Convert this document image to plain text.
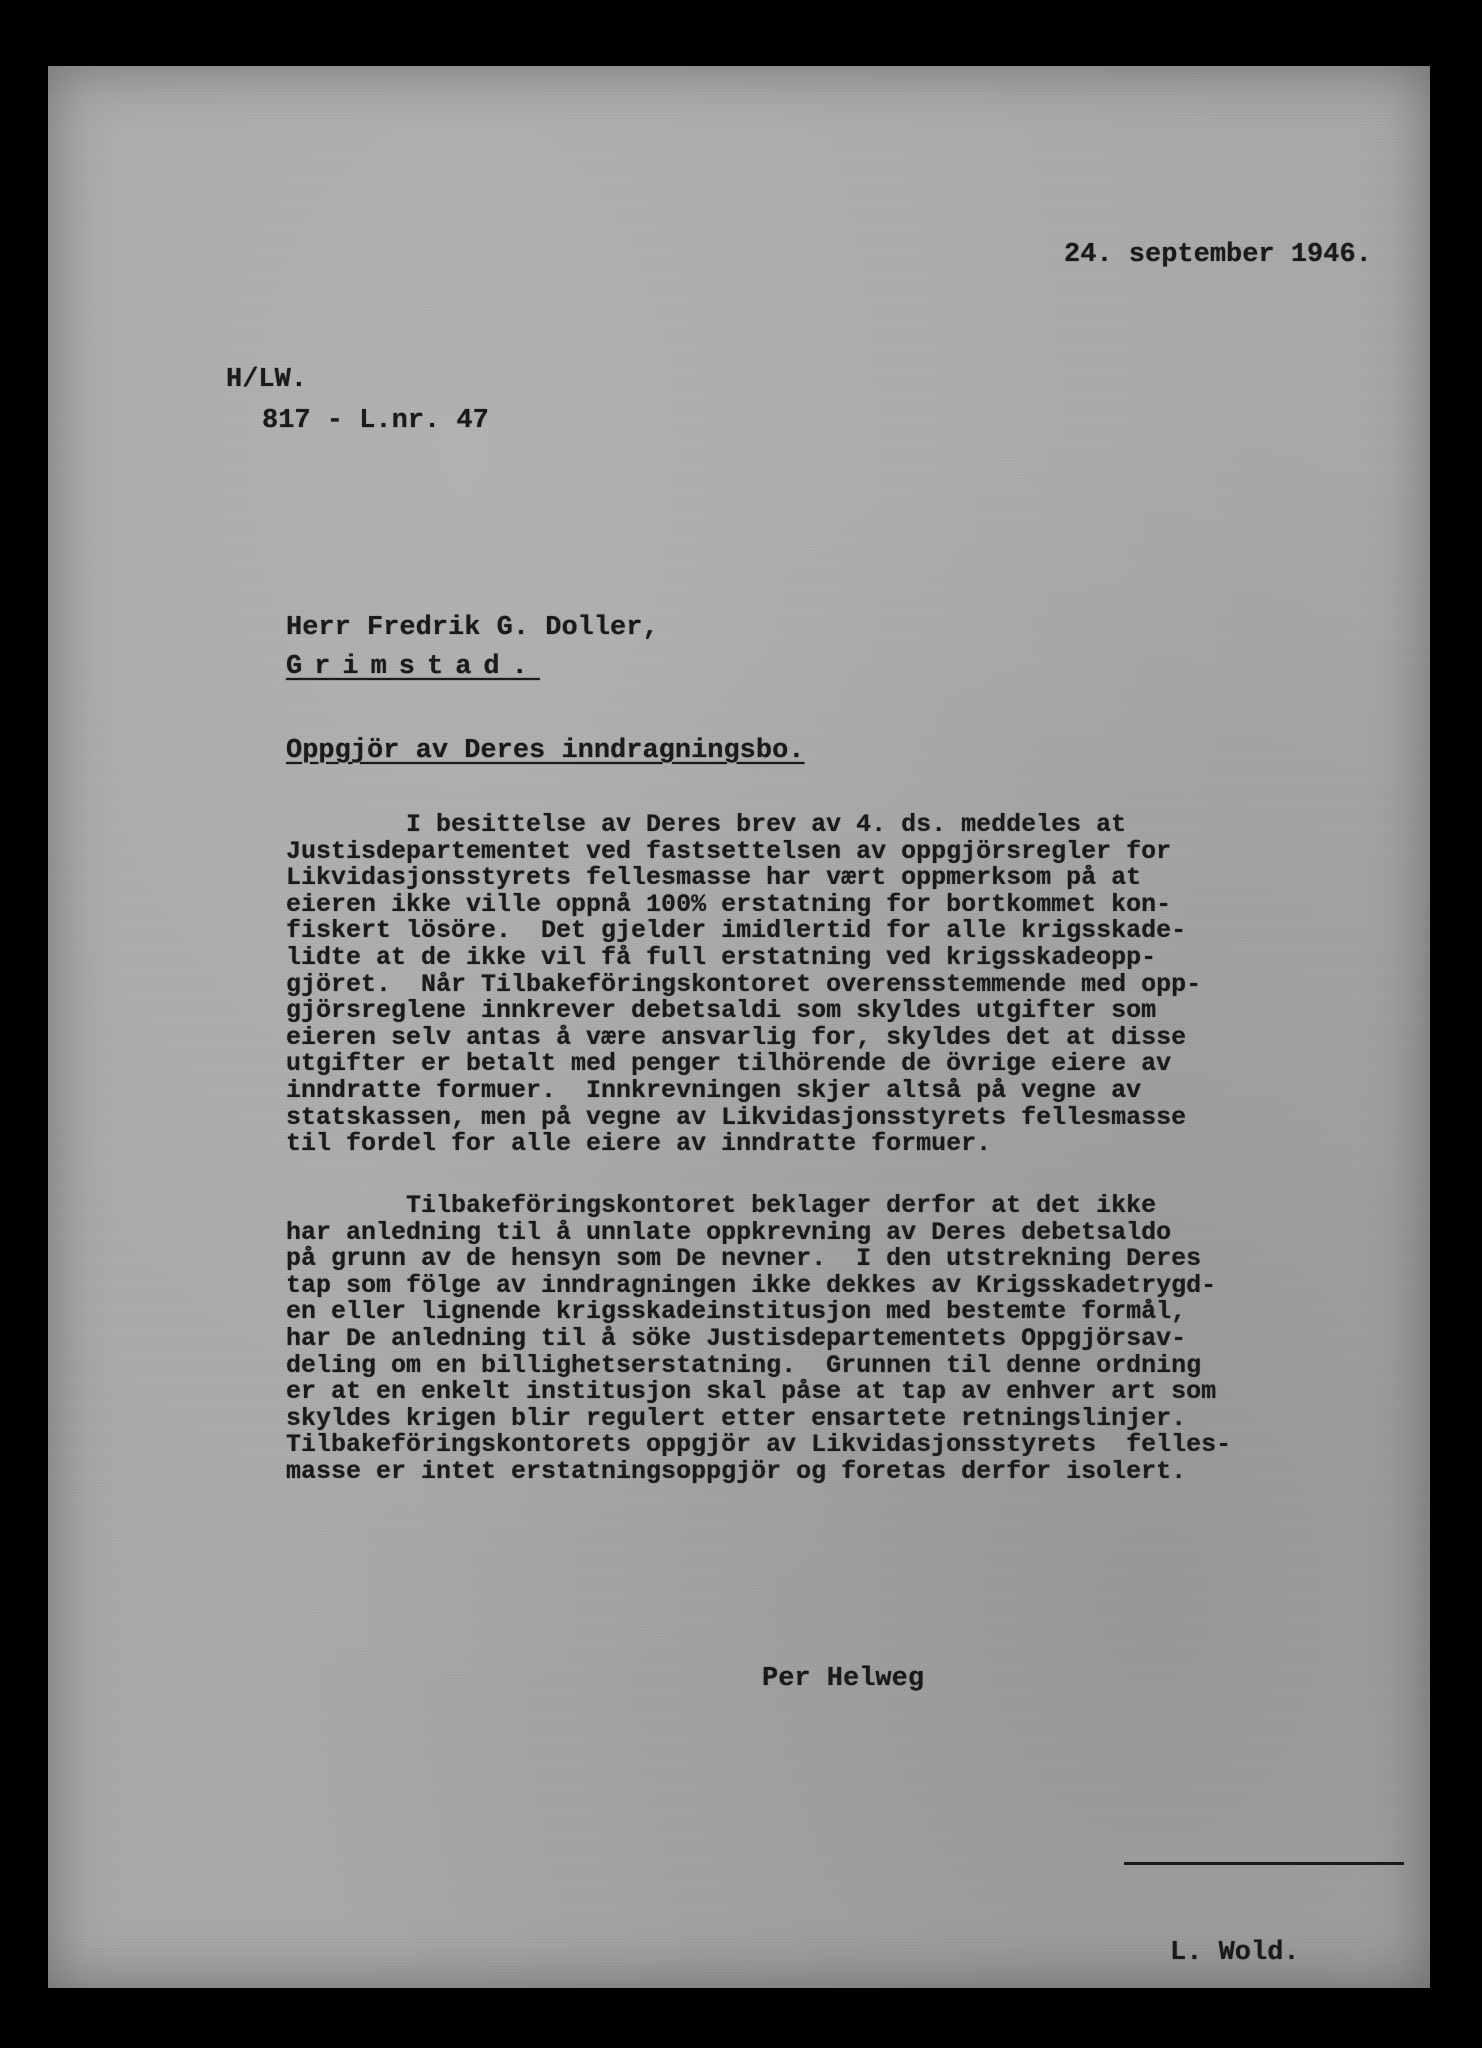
24. september 1946.

H/LW.

817 - L.nr. 47

Herr Fredrik G. Doller,

Grimstad.

Oppgjör av Deres inndragningsbo.

I besittelse av Deres brev av 4. ds. meddeles at
Justisdepartementet ved fastsettelsen av oppgjörsregler for
Likvidasjonsstyrets fellesmasse har vært oppmerksom på at
eieren ikke ville oppnå 100% erstatning for bortkommet kon-
fiskert lösöre.  Det gjelder imidlertid for alle krigsskade-
lidte at de ikke vil få full erstatning ved krigsskadeopp-
gjöret.  Når Tilbakeföringskontoret overensstemmende med opp-
gjörsreglene innkrever debetsaldi som skyldes utgifter som
eieren selv antas å være ansvarlig for, skyldes det at disse
utgifter er betalt med penger tilhörende de övrige eiere av
inndratte formuer.  Innkrevningen skjer altså på vegne av
statskassen, men på vegne av Likvidasjonsstyrets fellesmasse
til fordel for alle eiere av inndratte formuer.

Tilbakeföringskontoret beklager derfor at det ikke
har anledning til å unnlate oppkrevning av Deres debetsaldo
på grunn av de hensyn som De nevner.  I den utstrekning Deres
tap som fölge av inndragningen ikke dekkes av Krigsskadetrygd-
en eller lignende krigsskadeinstitusjon med bestemte formål,
har De anledning til å söke Justisdepartementets Oppgjörsav-
deling om en billighetserstatning.  Grunnen til denne ordning
er at en enkelt institusjon skal påse at tap av enhver art som
skyldes krigen blir regulert etter ensartete retningslinjer.
Tilbakeföringskontorets oppgjör av Likvidasjonsstyrets  felles-
masse er intet erstatningsoppgjör og foretas derfor isolert.

Per Helweg

L. Wold.
